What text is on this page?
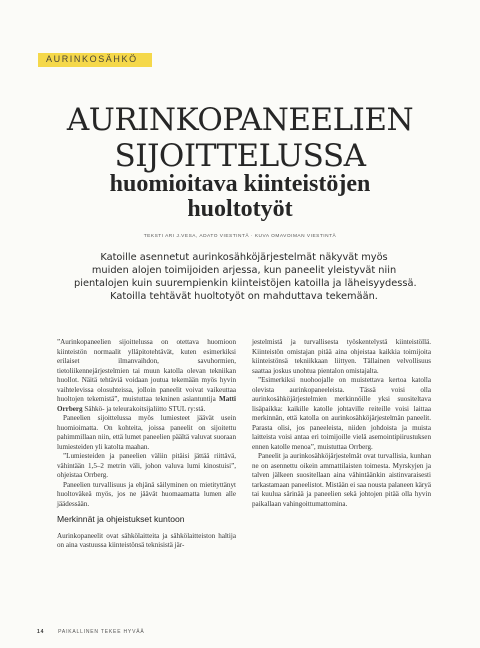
AURINKOSÄHKÖ
AURINKOPANEELIEN
SIJOITTELUSSA
huomioitava kiinteistöjen
huoltotyöt
TEKSTI ARI J.VESA, ADATO VIESTINTÄ · KUVA OMAVOIMAN VIESTINTÄ
Katoille asennetut aurinkosähköjärjestelmät näkyvät myös
muiden alojen toimijoiden arjessa, kun paneelit yleistyvät niin
pientalojen kuin suurempienkin kiinteistöjen katoilla ja läheisyydessä.
Katoilla tehtävät huoltotyöt on mahduttava tekemään.

”Aurinkopaneelien sijoittelussa on otettava huomioon kiinteistön normaalit ylläpitotehtävät, kuten esimerkiksi erilaiset ilmanvaihdon, savuhormien, tietoliikennejärjestelmien tai muun katolla olevan tekniikan huollot. Näitä tehtäviä voidaan joutua tekemään myös hyvin vaihtelevissa olosuhteissa, jolloin paneelit voivat vaikeuttaa huoltojen tekemistä”, muistuttaa tekninen asiantuntija Matti Orrberg Sähkö- ja teleurakoitsijaliitto STUL ry:stä.

Paneelien sijoittelussa myös lumiesteet jäävät usein huomioimatta. On kohteita, joissa paneelit on sijoitettu pahimmillaan niin, että lumet paneelien päältä valuvat suoraan lumiesteiden yli katolta maahan.

”Lumiesteiden ja paneelien väliin pitäisi jättää riittävä, vähintään 1,5–2 metrin väli, johon valuva lumi kinostuisi”, ohjeistaa Orrberg.

Paneelien turvallisuus ja ehjänä säilyminen on mietityttänyt huoltoväkeä myös, jos ne jäävät huomaamatta lumen alle jäädessään.

Merkinnät ja ohjeistukset kuntoon

Aurinkopaneelit ovat sähkölaitteita ja sähkölaitteiston haltija on aina vastuussa kiinteistönsä teknisistä jär-

jestelmistä ja turvallisesta työskentelystä kiinteistöllä. Kiinteistön omistajan pitää aina ohjeistaa kaikkia toimijoita kiinteistönsä tekniikkaan liittyen. Tällainen velvollisuus saattaa joskus unohtua pientalon omistajalta.

”Esimerkiksi nuohoojalle on muistettava kertoa katolla olevista aurinkopaneeleista. Tässä voisi olla aurinkosähköjärjestelmien merkinnöille yksi suositeltava lisäpaikka: kaikille katolle johtaville reiteille voisi laittaa merkinnän, että katolla on aurinkosähköjärjestelmän paneelit. Parasta olisi, jos paneeleista, niiden johdoista ja muista laitteista voisi antaa eri toimijoille vielä asemointipiirustuksen ennen katolle menoa”, muistuttaa Orrberg.

Paneelit ja aurinkosähköjärjestelmät ovat turvallisia, kunhan ne on asennettu oikein ammattilaisten toimesta. Myrskyjen ja talven jälkeen suositellaan aina vähintäänkin aistinvaraisesti tarkastamaan paneelistot. Mistään ei saa nousta palaneen käryä tai kuulua särinää ja paneelien sekä johtojen pitää olla hyvin paikallaan vahingoittumattomina.

14	PAIKALLINEN TEKEE HYVÄÄ
